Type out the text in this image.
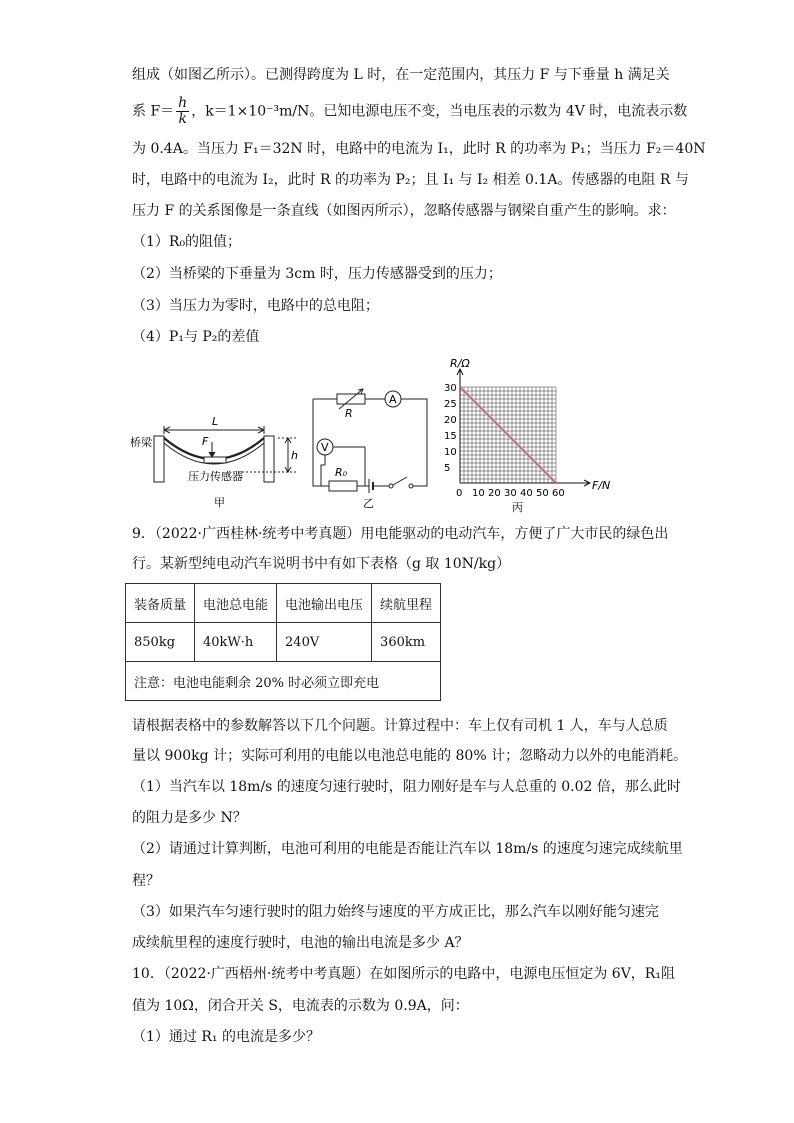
组成（如图乙所示）。已测得跨度为 L 时，在一定范围内，其压力 F 与下垂量 h 满足关
系 $F= \frac{h}{k}$ ，k＝1×10⁻³m/N。已知电源电压不变，当电压表的示数为 4V 时，电流表示数
为 0.4A。当压力 F₁＝32N 时，电路中的电流为 I₁，此时 R 的功率为 P₁；当压力 F₂＝40N
时，电路中的电流为 I₂，此时 R 的功率为 P₂；且 I₁ 与 I₂ 相差 0.1A。传感器的电阻 R 与
压力 F 的关系图像是一条直线（如图丙所示），忽略传感器与钢梁自重产生的影响。求：
（1）R₀的阻值；
（2）当桥梁的下垂量为 3cm 时，压力传感器受到的压力；
（3）当压力为零时，电路中的总电阻；
（4）P₁与 P₂的差值
L
F
h
桥梁
压力传感器
甲
A
V
R
R₀
乙
0 10 20 30 40 50 60
5
10
15
20
25
30
R/Ω
F/N
丙
9．（2022·广西桂林·统考中考真题）用电能驱动的电动汽车，方便了广大市民的绿色出
行。某新型纯电动汽车说明书中有如下表格（g 取 10N/kg）
装备质量	电池总电能	电池输出电压	续航里程
850kg	40kW·h	240V	360km
注意：电池电能剩余 20% 时必须立即充电			
请根据表格中的参数解答以下几个问题。计算过程中：车上仅有司机 1 人，车与人总质
量以 900kg 计；实际可利用的电能以电池总电能的 80% 计；忽略动力以外的电能消耗。
（1）当汽车以 18m/s 的速度匀速行驶时，阻力刚好是车与人总重的 0.02 倍，那么此时
的阻力是多少 N？
（2）请通过计算判断，电池可利用的电能是否能让汽车以 18m/s 的速度匀速完成续航里
程？
（3）如果汽车匀速行驶时的阻力始终与速度的平方成正比，那么汽车以刚好能匀速完
成续航里程的速度行驶时，电池的输出电流是多少 A？
10．（2022·广西梧州·统考中考真题）在如图所示的电路中，电源电压恒定为 6V，R₁阻
值为 10Ω，闭合开关 S，电流表的示数为 0.9A，问：
（1）通过 R₁ 的电流是多少？
